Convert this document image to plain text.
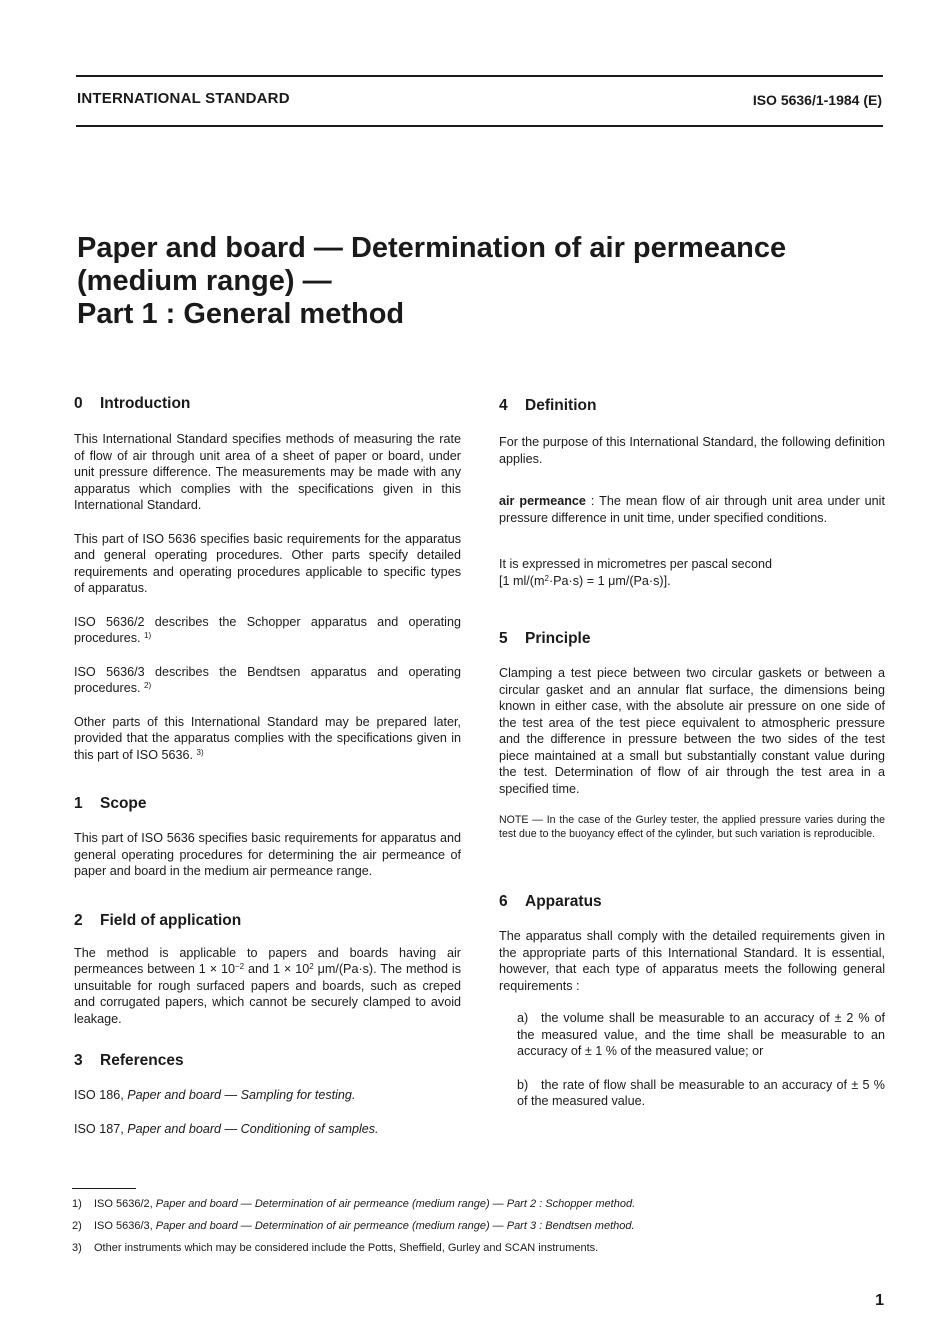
INTERNATIONAL STANDARD	ISO 5636/1-1984 (E)
Paper and board — Determination of air permeance
(medium range) —
Part 1 : General method
0 Introduction

This International Standard specifies methods of measuring the rate of flow of air through unit area of a sheet of paper or board, under unit pressure difference. The measurements may be made with any apparatus which complies with the specifications given in this International Standard.

This part of ISO 5636 specifies basic requirements for the apparatus and general operating procedures. Other parts specify detailed requirements and operating procedures applicable to specific types of apparatus.

ISO 5636/2 describes the Schopper apparatus and operating procedures. $^{1)}$

ISO 5636/3 describes the Bendtsen apparatus and operating procedures. $^{2)}$

Other parts of this International Standard may be prepared later, provided that the apparatus complies with the specifications given in this part of ISO 5636. $^{3)}$

1 Scope

This part of ISO 5636 specifies basic requirements for apparatus and general operating procedures for determining the air permeance of paper and board in the medium air permeance range.

2 Field of application

The method is applicable to papers and boards having air permeances between $1 \times 10^{-2}$ and $1 \times 10^2$ μm/(Pa·s). The method is unsuitable for rough surfaced papers and boards, such as creped and corrugated papers, which cannot be securely clamped to avoid leakage.

3 References

ISO 186, Paper and board — Sampling for testing.

ISO 187, Paper and board — Conditioning of samples.

4 Definition

For the purpose of this International Standard, the following definition applies.

air permeance : The mean flow of air through unit area under unit pressure difference in unit time, under specified conditions.

It is expressed in micrometres per pascal second
[1 $ml/(m^2\cdot Pa\cdot s) = 1$ μm/(Pa·s)].

5 Principle

Clamping a test piece between two circular gaskets or between a circular gasket and an annular flat surface, the dimensions being known in either case, with the absolute air pressure on one side of the test area of the test piece equivalent to atmospheric pressure and the difference in pressure between the two sides of the test piece maintained at a small but substantially constant value during the test. Determination of flow of air through the test area in a specified time.

NOTE — In the case of the Gurley tester, the applied pressure varies during the test due to the buoyancy effect of the cylinder, but such variation is reproducible.

6 Apparatus

The apparatus shall comply with the detailed requirements given in the appropriate parts of this International Standard. It is essential, however, that each type of apparatus meets the following general requirements :

a) the volume shall be measurable to an accuracy of ± 2 % of the measured value, and the time shall be measurable to an accuracy of ± 1 % of the measured value; or

b) the rate of flow shall be measurable to an accuracy of ± 5 % of the measured value.

1) ISO 5636/2, Paper and board — Determination of air permeance (medium range) — Part 2 : Schopper method.
2) ISO 5636/3, Paper and board — Determination of air permeance (medium range) — Part 3 : Bendtsen method.
3) Other instruments which may be considered include the Potts, Sheffield, Gurley and SCAN instruments.
1
